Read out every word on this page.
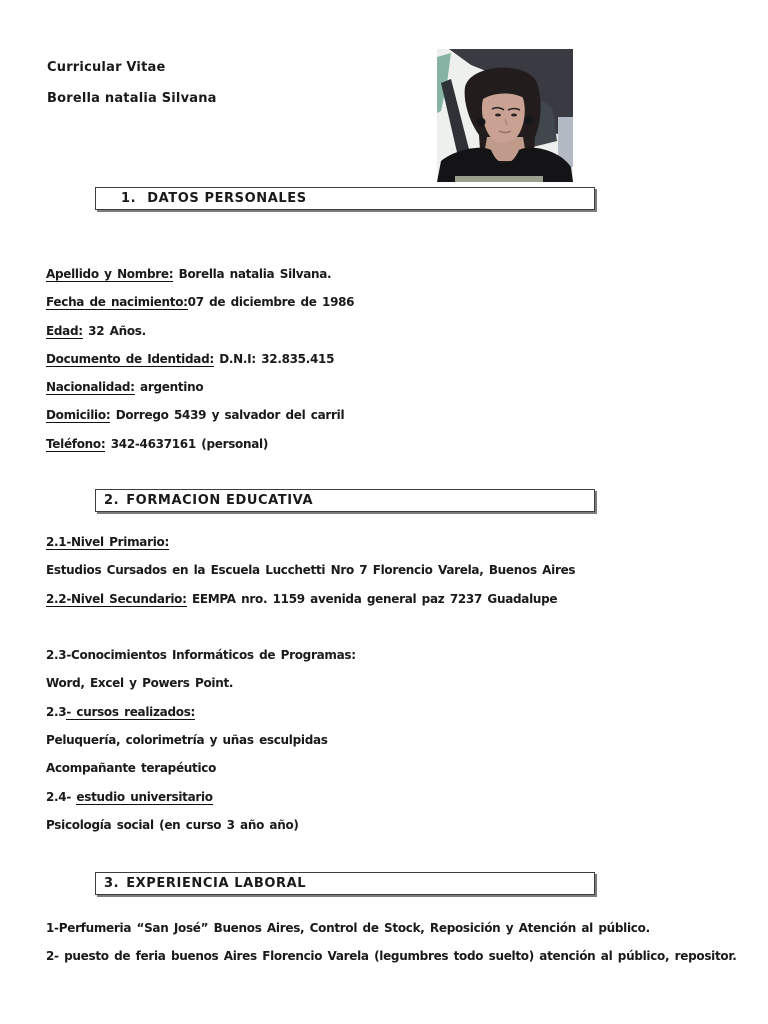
Curricular Vitae
Borella natalia Silvana
1. DATOS PERSONALES
Apellido y Nombre: Borella natalia Silvana.
Fecha de nacimiento:07 de diciembre de 1986
Edad: 32 Años.
Documento de Identidad: D.N.I: 32.835.415
Nacionalidad: argentino
Domicilio: Dorrego 5439 y salvador del carril
Teléfono: 342-4637161 (personal)
2. FORMACION EDUCATIVA
2.1-Nivel Primario:
Estudios Cursados en la Escuela Lucchetti Nro 7 Florencio Varela, Buenos Aires
2.2-Nivel Secundario: EEMPA nro. 1159 avenida general paz 7237 Guadalupe

2.3-Conocimientos Informáticos de Programas:
Word, Excel y Powers Point.
2.3- cursos realizados:
Peluquería, colorimetría y uñas esculpidas
Acompañante terapéutico
2.4- estudio universitario
Psicología social (en curso 3 año año)
3. EXPERIENCIA LABORAL
1-Perfumeria “San José” Buenos Aires, Control de Stock, Reposición y Atención al público.
2- puesto de feria buenos Aires Florencio Varela (legumbres todo suelto) atención al público, repositor.
